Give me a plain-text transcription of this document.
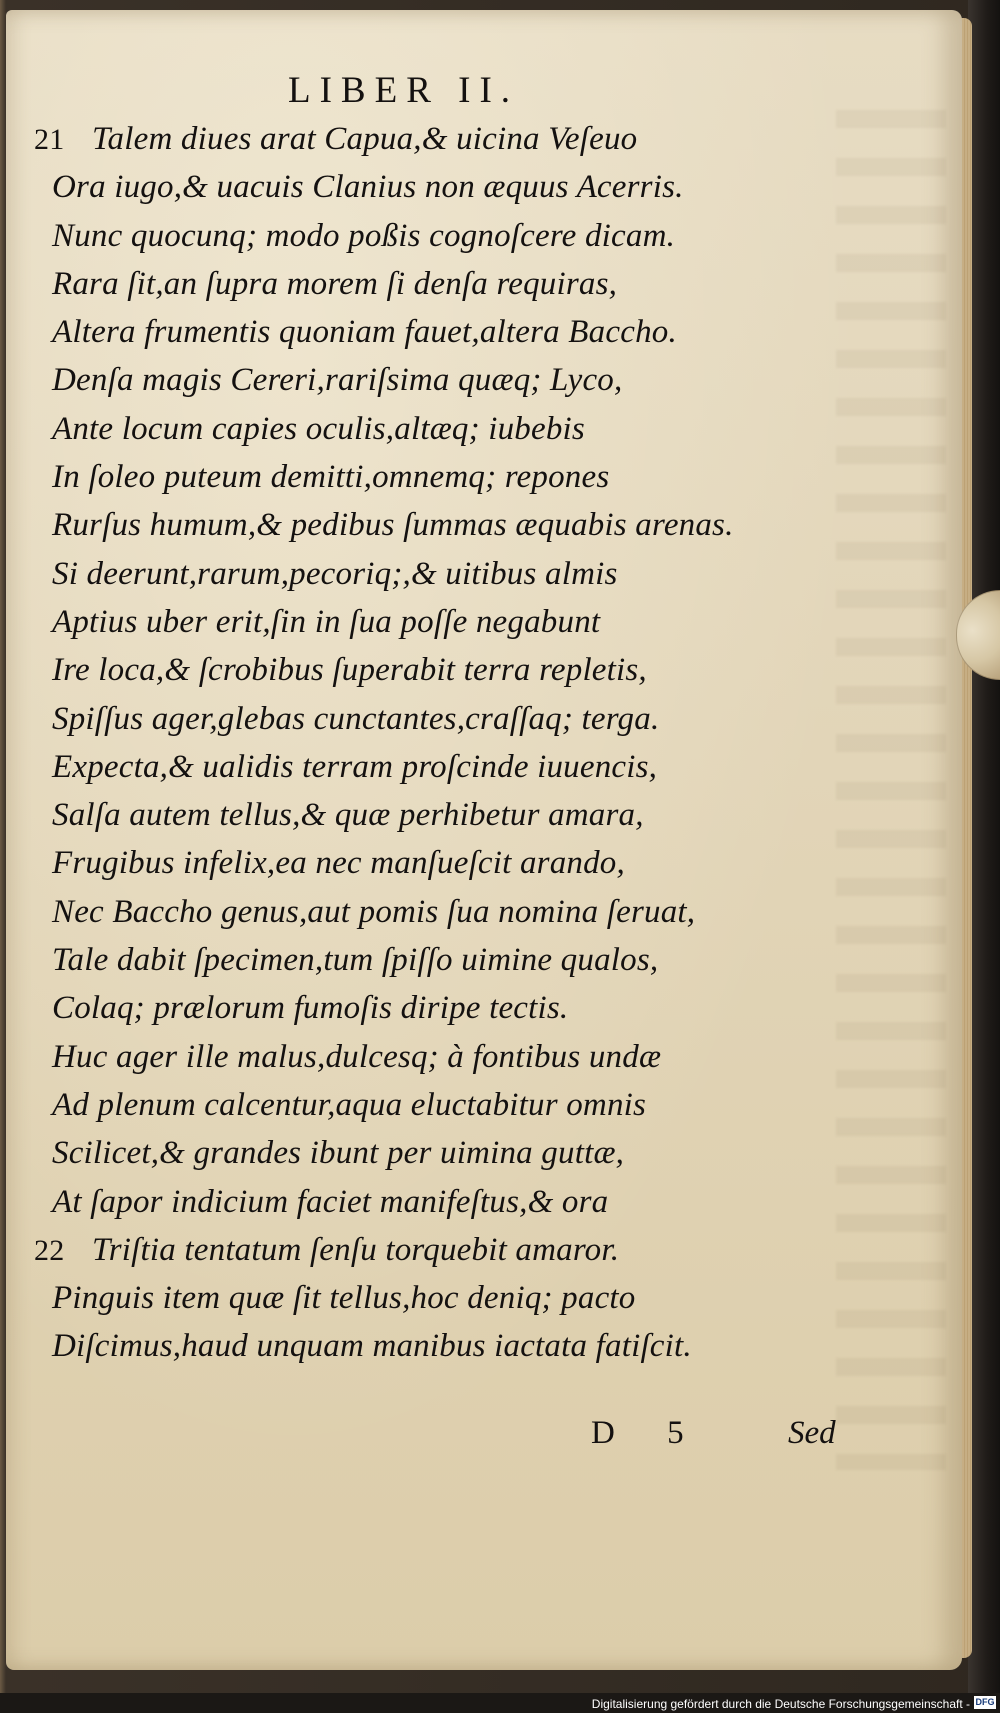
LIBER II.
21 Talem diues arat Capua,& uicina Veſeuo
Ora iugo,& uacuis Clanius non æquus Acerris.
Nunc quocunq; modo poßis cognoſcere dicam.
Rara ſit,an ſupra morem ſi denſa requiras,
Altera frumentis quoniam fauet,altera Baccho.
Denſa magis Cereri,rariſsima quæq; Lyco,
Ante locum capies oculis,altæq; iubebis
In ſoleo puteum demitti,omnemq; repones
Rurſus humum,& pedibus ſummas æquabis arenas.
Si deerunt,rarum,pecoriq;,& uitibus almis
Aptius uber erit,ſin in ſua poſſe negabunt
Ire loca,& ſcrobibus ſuperabit terra repletis,
Spiſſus ager,glebas cunctantes,craſſaq; terga.
Expecta,& ualidis terram proſcinde iuuencis,
Salſa autem tellus,& quæ perhibetur amara,
Frugibus infelix,ea nec manſueſcit arando,
Nec Baccho genus,aut pomis ſua nomina ſeruat,
Tale dabit ſpecimen,tum ſpiſſo uimine qualos,
Colaq; prælorum fumoſis diripe tectis.
Huc ager ille malus,dulcesq; à fontibus undæ
Ad plenum calcentur,aqua eluctabitur omnis
Scilicet,& grandes ibunt per uimina guttæ,
At ſapor indicium faciet manifeſtus,& ora
22 Triſtia tentatum ſenſu torquebit amaror.
Pinguis item quæ ſit tellus,hoc deniq; pacto
Diſcimus,haud unquam manibus iactata fatiſcit.
D 5 Sed
Digitalisierung gefördert durch die Deutsche Forschungsgemeinschaft - DFG
